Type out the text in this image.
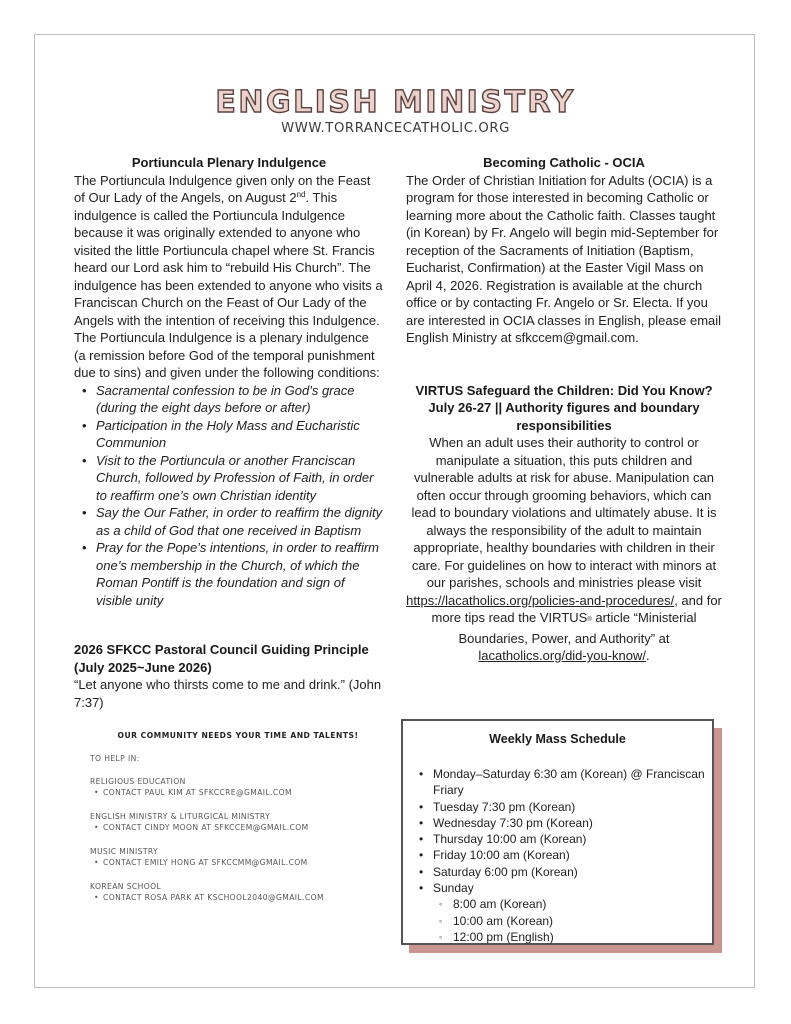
ENGLISH MINISTRY
WWW.TORRANCECATHOLIC.ORG
Portiuncula Plenary Indulgence
The Portiuncula Indulgence given only on the Feast of Our Lady of the Angels, on August 2nd. This indulgence is called the Portiuncula Indulgence because it was originally extended to anyone who visited the little Portiuncula chapel where St. Francis heard our Lord ask him to “rebuild His Church”. The indulgence has been extended to anyone who visits a Franciscan Church on the Feast of Our Lady of the Angels with the intention of receiving this Indulgence. The Portiuncula Indulgence is a plenary indulgence (a remission before God of the temporal punishment due to sins) and given under the following conditions:
• Sacramental confession to be in God’s grace (during the eight days before or after)
• Participation in the Holy Mass and Eucharistic Communion
• Visit to the Portiuncula or another Franciscan Church, followed by Profession of Faith, in order to reaffirm one’s own Christian identity
• Say the Our Father, in order to reaffirm the dignity as a child of God that one received in Baptism
• Pray for the Pope’s intentions, in order to reaffirm one’s membership in the Church, of which the Roman Pontiff is the foundation and sign of visible unity
2026 SFKCC Pastoral Council Guiding Principle (July 2025~June 2026)
“Let anyone who thirsts come to me and drink.” (John 7:37)
OUR COMMUNITY NEEDS YOUR TIME AND TALENTS!
TO HELP IN:
RELIGIOUS EDUCATION
• CONTACT PAUL KIM AT SFKCCRE@GMAIL.COM
ENGLISH MINISTRY & LITURGICAL MINISTRY
• CONTACT CINDY MOON AT SFKCCEM@GMAIL.COM
MUSIC MINISTRY
• CONTACT EMILY HONG AT SFKCCMM@GMAIL.COM
KOREAN SCHOOL
• CONTACT ROSA PARK AT KSCHOOL2040@GMAIL.COM
Becoming Catholic - OCIA
The Order of Christian Initiation for Adults (OCIA) is a program for those interested in becoming Catholic or learning more about the Catholic faith. Classes taught (in Korean) by Fr. Angelo will begin mid-September for reception of the Sacraments of Initiation (Baptism, Eucharist, Confirmation) at the Easter Vigil Mass on April 4, 2026. Registration is available at the church office or by contacting Fr. Angelo or Sr. Electa. If you are interested in OCIA classes in English, please email English Ministry at sfkccem@gmail.com.
VIRTUS Safeguard the Children: Did You Know? July 26-27 || Authority figures and boundary responsibilities
When an adult uses their authority to control or manipulate a situation, this puts children and vulnerable adults at risk for abuse. Manipulation can often occur through grooming behaviors, which can lead to boundary violations and ultimately abuse. It is always the responsibility of the adult to maintain appropriate, healthy boundaries with children in their care. For guidelines on how to interact with minors at our parishes, schools and ministries please visit https://lacatholics.org/policies-and-procedures/, and for more tips read the VIRTUS® article “Ministerial Boundaries, Power, and Authority” at lacatholics.org/did-you-know/.
Weekly Mass Schedule
• Monday–Saturday 6:30 am (Korean) @ Franciscan Friary
• Tuesday 7:30 pm (Korean)
• Wednesday 7:30 pm (Korean)
• Thursday 10:00 am (Korean)
• Friday 10:00 am (Korean)
• Saturday 6:00 pm (Korean)
• Sunday
◦ 8:00 am (Korean)
◦ 10:00 am (Korean)
◦ 12:00 pm (English)
